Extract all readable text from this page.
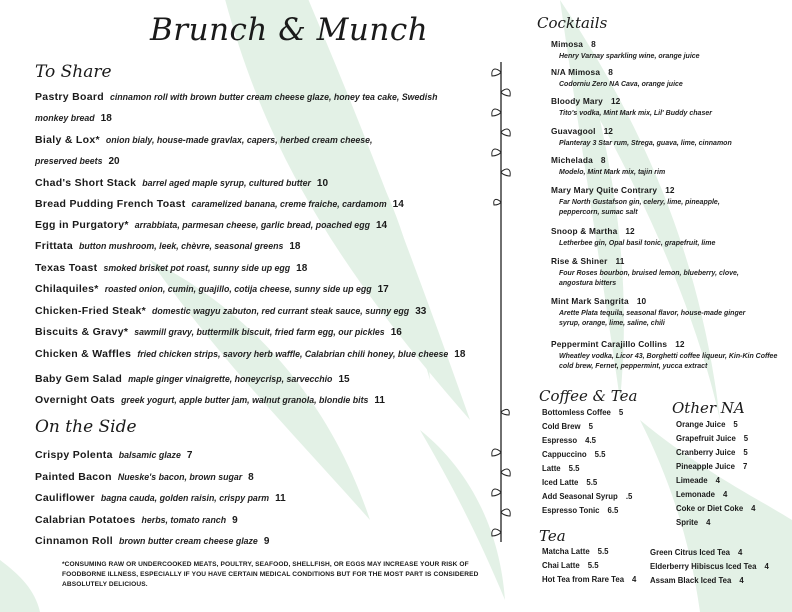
Brunch & Munch
To Share
Pastry Board cinnamon roll with brown butter cream cheese glaze, honey tea cake, Swedish
monkey bread 18
Bialy & Lox* onion bialy, house-made gravlax, capers, herbed cream cheese,
preserved beets 20
Chad's Short Stack barrel aged maple syrup, cultured butter 10
Bread Pudding French Toast caramelized banana, creme fraiche, cardamom 14
Egg in Purgatory* arrabbiata, parmesan cheese, garlic bread, poached egg 14
Frittata button mushroom, leek, chèvre, seasonal greens 18
Texas Toast smoked brisket pot roast, sunny side up egg 18
Chilaquiles* roasted onion, cumin, guajillo, cotija cheese, sunny side up egg 17
Chicken-Fried Steak* domestic wagyu zabuton, red currant steak sauce, sunny egg 33
Biscuits & Gravy* sawmill gravy, buttermilk biscuit, fried farm egg, our pickles 16
Chicken & Waffles fried chicken strips, savory herb waffle, Calabrian chili honey, blue cheese 18
Baby Gem Salad maple ginger vinaigrette, honeycrisp, sarvecchio 15
Overnight Oats greek yogurt, apple butter jam, walnut granola, blondie bits 11
On the Side
Crispy Polenta balsamic glaze 7
Painted Bacon Nueske's bacon, brown sugar 8
Cauliflower bagna cauda, golden raisin, crispy parm 11
Calabrian Potatoes herbs, tomato ranch 9
Cinnamon Roll brown butter cream cheese glaze 9
*CONSUMING RAW OR UNDERCOOKED MEATS, POULTRY, SEAFOOD, SHELLFISH, OR EGGS MAY INCREASE YOUR RISK OF FOODBORNE ILLNESS, ESPECIALLY IF YOU HAVE CERTAIN MEDICAL CONDITIONS BUT FOR THE MOST PART IS CONSIDERED ABSOLUTELY DELICIOUS.
Cocktails
Mimosa 8
Henry Varnay sparkling wine, orange juice
N/A Mimosa 8
Codorniu Zero NA Cava, orange juice
Bloody Mary 12
Tito's vodka, Mint Mark mix, Lil' Buddy chaser
Guavagool 12
Planteray 3 Star rum, Strega, guava, lime, cinnamon
Michelada 8
Modelo, Mint Mark mix, tajin rim
Mary Mary Quite Contrary 12
Far North Gustafson gin, celery, lime, pineapple, peppercorn, sumac salt
Snoop & Martha 12
Letherbee gin, Opal basil tonic, grapefruit, lime
Rise & Shiner 11
Four Roses bourbon, bruised lemon, blueberry, clove, angostura bitters
Mint Mark Sangrita 10
Arette Plata tequila, seasonal flavor, house-made ginger syrup, orange, lime, saline, chili
Peppermint Carajillo Collins 12
Wheatley vodka, Licor 43, Borghetti coffee liqueur, Kin-Kin Coffee cold brew, Fernet, peppermint, yucca extract
Coffee & Tea
Bottomless Coffee 5
Cold Brew 5
Espresso 4.5
Cappuccino 5.5
Latte 5.5
Iced Latte 5.5
Add Seasonal Syrup .5
Espresso Tonic 6.5
Other NA
Orange Juice 5
Grapefruit Juice 5
Cranberry Juice 5
Pineapple Juice 7
Limeade 4
Lemonade 4
Coke or Diet Coke 4
Sprite 4
Tea
Matcha Latte 5.5
Chai Latte 5.5
Hot Tea from Rare Tea 4
Green Citrus Iced Tea 4
Elderberry Hibiscus Iced Tea 4
Assam Black Iced Tea 4
